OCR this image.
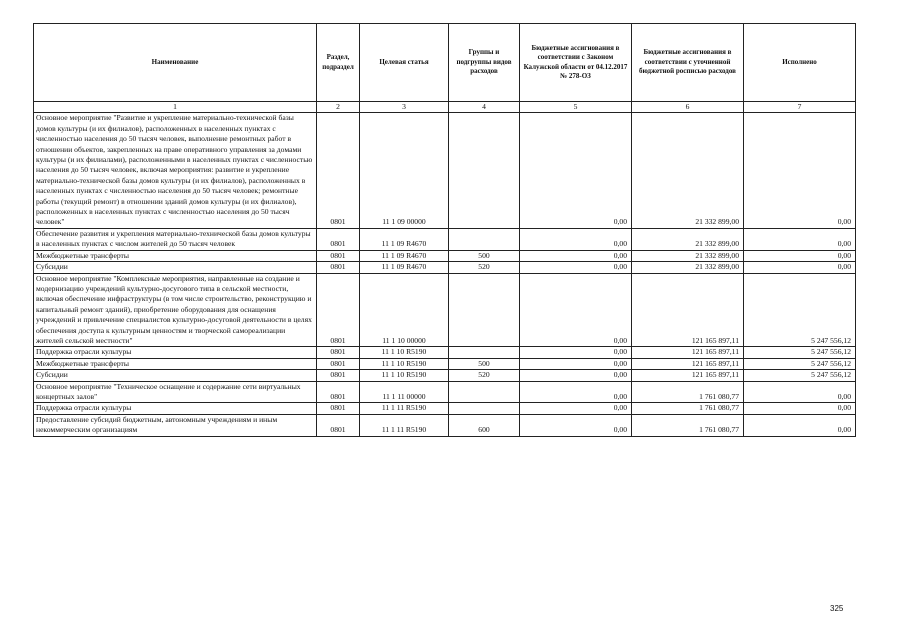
Наименование	Раздел, подраздел	Целевая статья	Группы и подгруппы видов расходов	Бюджетные ассигнования в соответствии с Законом Калужской области от 04.12.2017 № 278-ОЗ	Бюджетные ассигнования в соответствии с уточненной бюджетной росписью расходов	Исполнено
1	2	3	4	5	6	7
Основное мероприятие "Развитие и укрепление материально-технической базы домов культуры (и их филиалов), расположенных в населенных пунктах с численностью населения до 50 тысяч человек, выполнение ремонтных работ в отношении объектов, закрепленных на праве оперативного управления за домами культуры (и их филиалами), расположенными в населенных пунктах с численностью населения до 50 тысяч человек, включая мероприятия: развитие и укрепление материально-технической базы домов культуры (и их филиалов), расположенных в населенных пунктах с численностью населения до 50 тысяч человек; ремонтные работы (текущий ремонт) в отношении зданий домов культуры (и их филиалов), расположенных в населенных пунктах с численностью населения до 50 тысяч человек"	0801	11 1 09 00000		0,00	21 332 899,00	0,00
Обеспечение развития и укрепления материально-технической базы домов культуры в населенных пунктах с числом жителей до 50 тысяч человек	0801	11 1 09 R4670		0,00	21 332 899,00	0,00
Межбюджетные трансферты	0801	11 1 09 R4670	500	0,00	21 332 899,00	0,00
Субсидии	0801	11 1 09 R4670	520	0,00	21 332 899,00	0,00
Основное мероприятие "Комплексные мероприятия, направленные на создание и модернизацию учреждений культурно-досугового типа в сельской местности, включая обеспечение инфраструктуры (в том числе строительство, реконструкцию и капитальный ремонт зданий), приобретение оборудования для оснащения учреждений и привлечение специалистов культурно-досуговой деятельности в целях обеспечения доступа к культурным ценностям и творческой самореализации жителей сельской местности"	0801	11 1 10 00000		0,00	121 165 897,11	5 247 556,12
Поддержка отрасли культуры	0801	11 1 10 R5190		0,00	121 165 897,11	5 247 556,12
Межбюджетные трансферты	0801	11 1 10 R5190	500	0,00	121 165 897,11	5 247 556,12
Субсидии	0801	11 1 10 R5190	520	0,00	121 165 897,11	5 247 556,12
Основное мероприятие "Техническое оснащение и содержание сети виртуальных концертных залов"	0801	11 1 11 00000		0,00	1 761 080,77	0,00
Поддержка отрасли культуры	0801	11 1 11 R5190		0,00	1 761 080,77	0,00
Предоставление субсидий бюджетным, автономным учреждениям и иным некоммерческим организациям	0801	11 1 11 R5190	600	0,00	1 761 080,77	0,00
325
